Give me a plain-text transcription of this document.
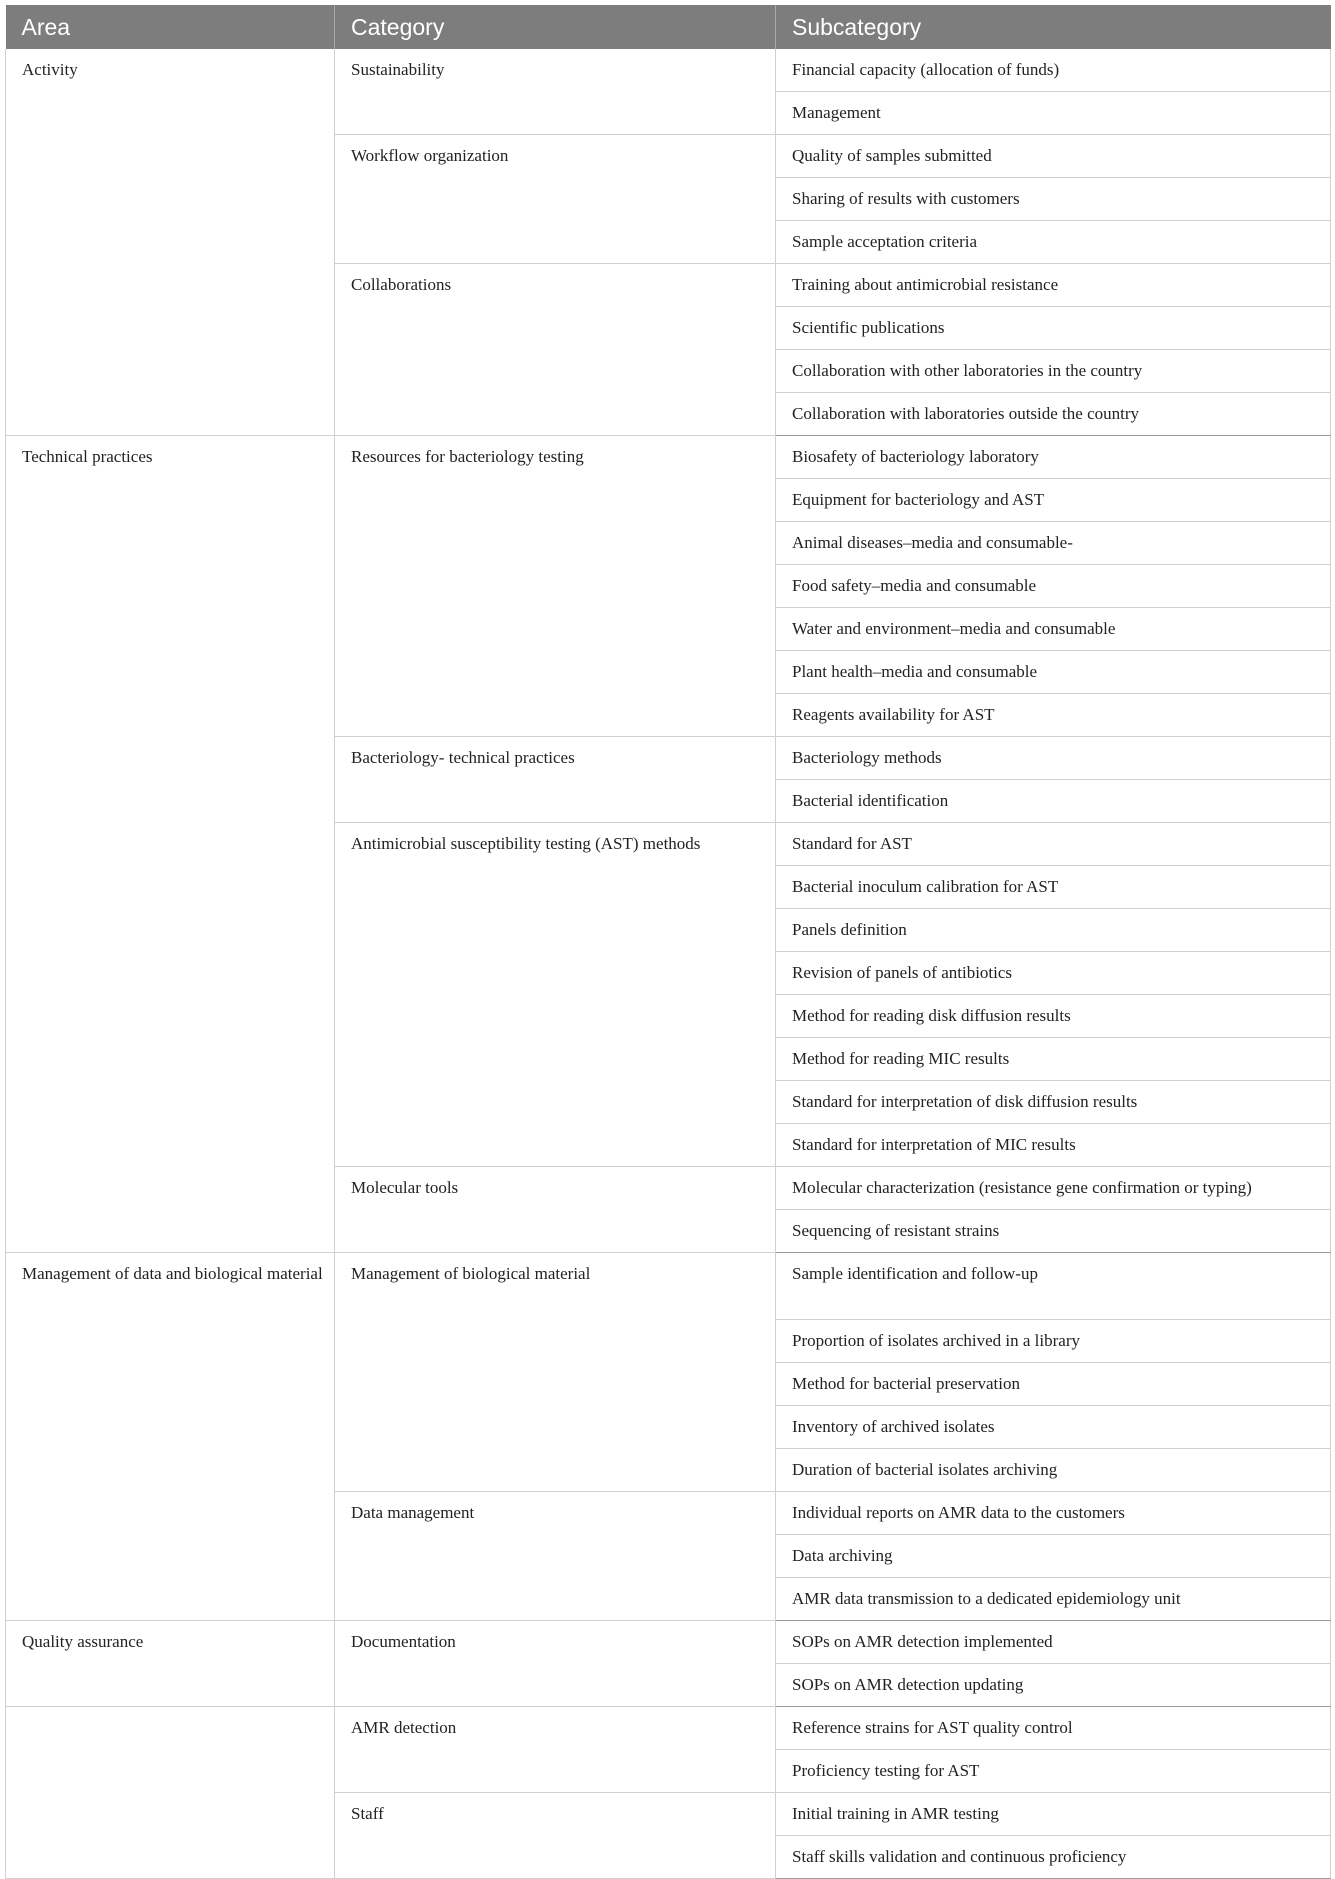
Area	Category	Subcategory
Activity	Sustainability	Financial capacity (allocation of funds)
		Management
	Workflow organization	Quality of samples submitted
		Sharing of results with customers
		Sample acceptation criteria
	Collaborations	Training about antimicrobial resistance
		Scientific publications
		Collaboration with other laboratories in the country
		Collaboration with laboratories outside the country
Technical practices	Resources for bacteriology testing	Biosafety of bacteriology laboratory
		Equipment for bacteriology and AST
		Animal diseases–media and consumable-
		Food safety–media and consumable
		Water and environment–media and consumable
		Plant health–media and consumable
		Reagents availability for AST
	Bacteriology- technical practices	Bacteriology methods
		Bacterial identification
	Antimicrobial susceptibility testing (AST) methods	Standard for AST
		Bacterial inoculum calibration for AST
		Panels definition
		Revision of panels of antibiotics
		Method for reading disk diffusion results
		Method for reading MIC results
		Standard for interpretation of disk diffusion results
		Standard for interpretation of MIC results
	Molecular tools	Molecular characterization (resistance gene confirmation or typing)
		Sequencing of resistant strains
Management of data and biological material	Management of biological material	Sample identification and follow-up
		Proportion of isolates archived in a library
		Method for bacterial preservation
		Inventory of archived isolates
		Duration of bacterial isolates archiving
	Data management	Individual reports on AMR data to the customers
		Data archiving
		AMR data transmission to a dedicated epidemiology unit
Quality assurance	Documentation	SOPs on AMR detection implemented
		SOPs on AMR detection updating
	AMR detection	Reference strains for AST quality control
		Proficiency testing for AST
	Staff	Initial training in AMR testing
		Staff skills validation and continuous proficiency
